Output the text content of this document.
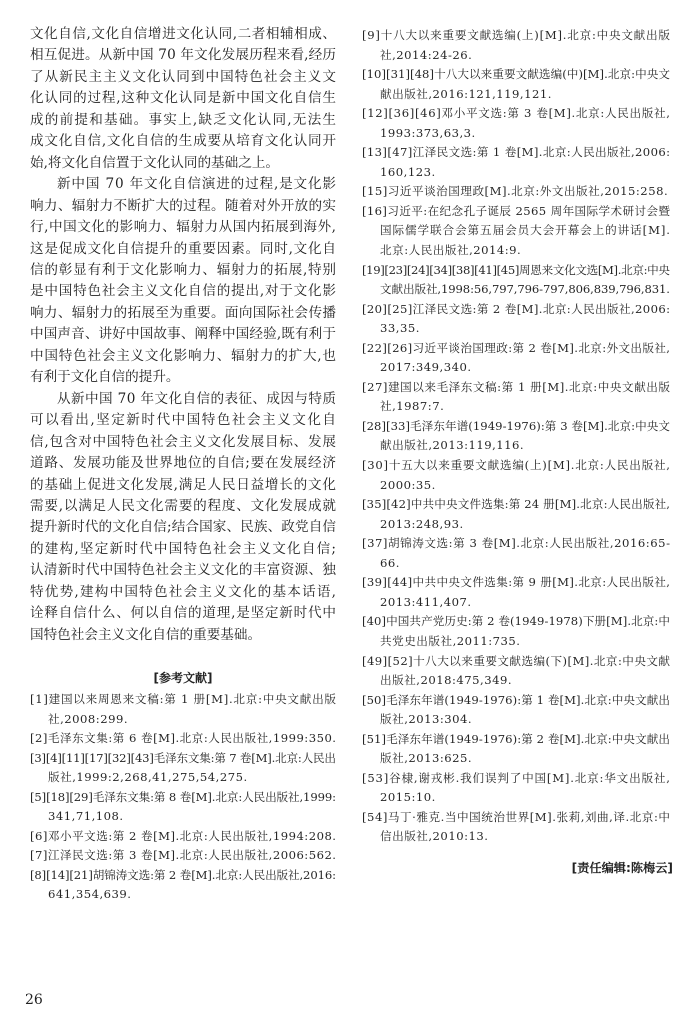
文化自信,文化自信增进文化认同,二者相辅相成、
相互促进。从新中国 70 年文化发展历程来看,经历
了从新民主主义文化认同到中国特色社会主义文
化认同的过程,这种文化认同是新中国文化自信生
成的前提和基础。事实上,缺乏文化认同,无法生
成文化自信,文化自信的生成要从培育文化认同开
始,将文化自信置于文化认同的基础之上。
新中国 70 年文化自信演进的过程,是文化影
响力、辐射力不断扩大的过程。随着对外开放的实
行,中国文化的影响力、辐射力从国内拓展到海外,
这是促成文化自信提升的重要因素。同时,文化自
信的彰显有利于文化影响力、辐射力的拓展,特别
是中国特色社会主义文化自信的提出,对于文化影
响力、辐射力的拓展至为重要。面向国际社会传播
中国声音、讲好中国故事、阐释中国经验,既有利于
中国特色社会主义文化影响力、辐射力的扩大,也
有利于文化自信的提升。
从新中国 70 年文化自信的表征、成因与特质
可以看出,坚定新时代中国特色社会主义文化自
信,包含对中国特色社会主义文化发展目标、发展
道路、发展功能及世界地位的自信;要在发展经济
的基础上促进文化发展,满足人民日益增长的文化
需要,以满足人民文化需要的程度、文化发展成就
提升新时代的文化自信;结合国家、民族、政党自信
的建构,坚定新时代中国特色社会主义文化自信;
认清新时代中国特色社会主义文化的丰富资源、独
特优势,建构中国特色社会主义文化的基本话语,
诠释自信什么、何以自信的道理,是坚定新时代中
国特色社会主义文化自信的重要基础。
[参考文献]
[1]建国以来周恩来文稿:第 1 册[M].北京:中央文献出版
社,2008:299.
[2]毛泽东文集:第 6 卷[M].北京:人民出版社,1999:350.
[3][4][11][17][32][43]毛泽东文集:第 7 卷[M].北京:人民出
版社,1999:2,268,41,275,54,275.
[5][18][29]毛泽东文集:第 8 卷[M].北京:人民出版社,1999:
341,71,108.
[6]邓小平文选:第 2 卷[M].北京:人民出版社,1994:208.
[7]江泽民文选:第 3 卷[M].北京:人民出版社,2006:562.
[8][14][21]胡锦涛文选:第 2 卷[M].北京:人民出版社,2016:
641,354,639.
[9]十八大以来重要文献选编(上)[M].北京:中央文献出版
社,2014:24-26.
[10][31][48]十八大以来重要文献选编(中)[M].北京:中央文
献出版社,2016:121,119,121.
[12][36][46]邓小平文选:第 3 卷[M].北京:人民出版社,
1993:373,63,3.
[13][47]江泽民文选:第 1 卷[M].北京:人民出版社,2006:
160,123.
[15]习近平谈治国理政[M].北京:外文出版社,2015:258.
[16]习近平:在纪念孔子诞辰 2565 周年国际学术研讨会暨
国际儒学联合会第五届会员大会开幕会上的讲话[M].
北京:人民出版社,2014:9.
[19][23][24][34][38][41][45]周恩来文化文选[M].北京:中央
文献出版社,1998:56,797,796-797,806,839,796,831.
[20][25]江泽民文选:第 2 卷[M].北京:人民出版社,2006:
33,35.
[22][26]习近平谈治国理政:第 2 卷[M].北京:外文出版社,
2017:349,340.
[27]建国以来毛泽东文稿:第 1 册[M].北京:中央文献出版
社,1987:7.
[28][33]毛泽东年谱(1949-1976):第 3 卷[M].北京:中央文
献出版社,2013:119,116.
[30]十五大以来重要文献选编(上)[M].北京:人民出版社,
2000:35.
[35][42]中共中央文件选集:第 24 册[M].北京:人民出版社,
2013:248,93.
[37]胡锦涛文选:第 3 卷[M].北京:人民出版社,2016:65-
66.
[39][44]中共中央文件选集:第 9 册[M].北京:人民出版社,
2013:411,407.
[40]中国共产党历史:第 2 卷(1949-1978)下册[M].北京:中
共党史出版社,2011:735.
[49][52]十八大以来重要文献选编(下)[M].北京:中央文献
出版社,2018:475,349.
[50]毛泽东年谱(1949-1976):第 1 卷[M].北京:中央文献出
版社,2013:304.
[51]毛泽东年谱(1949-1976):第 2 卷[M].北京:中央文献出
版社,2013:625.
[53]谷棣,谢戎彬.我们误判了中国[M].北京:华文出版社,
2015:10.
[54]马丁·雅克.当中国统治世界[M].张莉,刘曲,译.北京:中
信出版社,2010:13.
[责任编辑:陈梅云]
26
